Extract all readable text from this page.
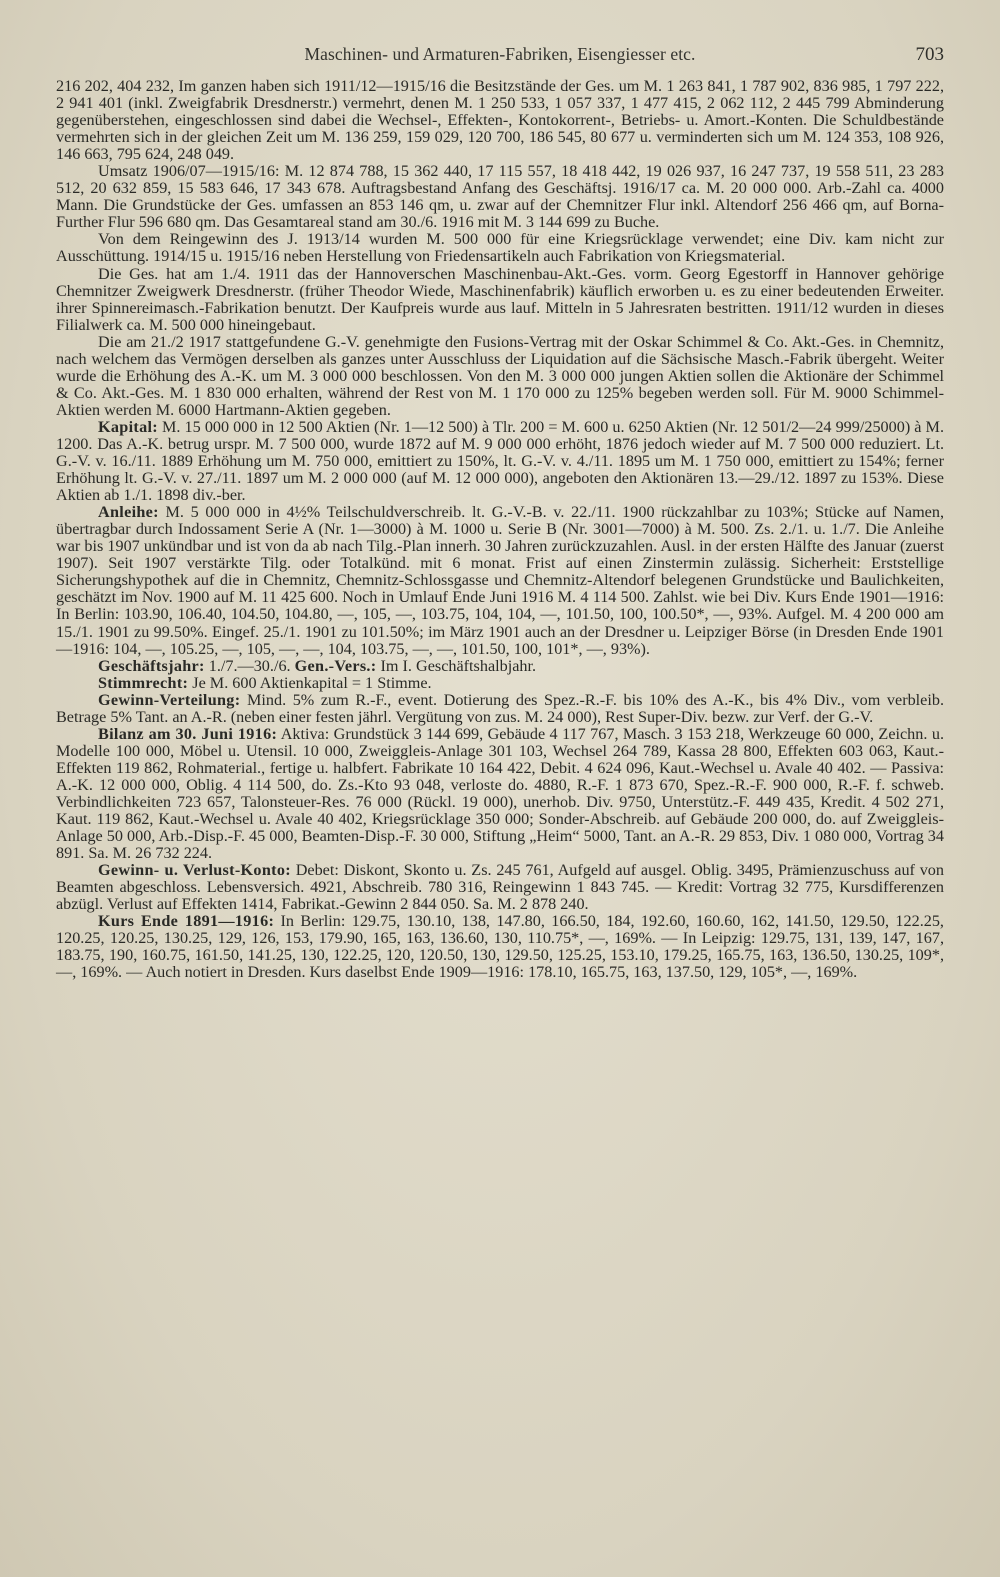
Maschinen- und Armaturen-Fabriken, Eisengiesser etc.	703

216 202, 404 232, Im ganzen haben sich 1911/12—1915/16 die Besitzstände der Ges. um M. 1 263 841, 1 787 902, 836 985, 1 797 222, 2 941 401 (inkl. Zweigfabrik Dresdnerstr.) vermehrt, denen M. 1 250 533, 1 057 337, 1 477 415, 2 062 112, 2 445 799 Abminderung gegenüberstehen, eingeschlossen sind dabei die Wechsel-, Effekten-, Kontokorrent-, Betriebs- u. Amort.-Konten. Die Schuldbestände vermehrten sich in der gleichen Zeit um M. 136 259, 159 029, 120 700, 186 545, 80 677 u. verminderten sich um M. 124 353, 108 926, 146 663, 795 624, 248 049.

Umsatz 1906/07—1915/16: M. 12 874 788, 15 362 440, 17 115 557, 18 418 442, 19 026 937, 16 247 737, 19 558 511, 23 283 512, 20 632 859, 15 583 646, 17 343 678. Auftragsbestand Anfang des Geschäftsj. 1916/17 ca. M. 20 000 000. Arb.-Zahl ca. 4000 Mann. Die Grundstücke der Ges. umfassen an 853 146 qm, u. zwar auf der Chemnitzer Flur inkl. Altendorf 256 466 qm, auf Borna-Further Flur 596 680 qm. Das Gesamtareal stand am 30./6. 1916 mit M. 3 144 699 zu Buche.

Von dem Reingewinn des J. 1913/14 wurden M. 500 000 für eine Kriegsrücklage verwendet; eine Div. kam nicht zur Ausschüttung. 1914/15 u. 1915/16 neben Herstellung von Friedensartikeln auch Fabrikation von Kriegsmaterial.

Die Ges. hat am 1./4. 1911 das der Hannoverschen Maschinenbau-Akt.-Ges. vorm. Georg Egestorff in Hannover gehörige Chemnitzer Zweigwerk Dresdnerstr. (früher Theodor Wiede, Maschinenfabrik) käuflich erworben u. es zu einer bedeutenden Erweiter. ihrer Spinnereimasch.-Fabrikation benutzt. Der Kaufpreis wurde aus lauf. Mitteln in 5 Jahresraten bestritten. 1911/12 wurden in dieses Filialwerk ca. M. 500 000 hineingebaut.

Die am 21./2 1917 stattgefundene G.-V. genehmigte den Fusions-Vertrag mit der Oskar Schimmel & Co. Akt.-Ges. in Chemnitz, nach welchem das Vermögen derselben als ganzes unter Ausschluss der Liquidation auf die Sächsische Masch.-Fabrik übergeht. Weiter wurde die Erhöhung des A.-K. um M. 3 000 000 beschlossen. Von den M. 3 000 000 jungen Aktien sollen die Aktionäre der Schimmel & Co. Akt.-Ges. M. 1 830 000 erhalten, während der Rest von M. 1 170 000 zu 125% begeben werden soll. Für M. 9000 Schimmel-Aktien werden M. 6000 Hartmann-Aktien gegeben.

Kapital: M. 15 000 000 in 12 500 Aktien (Nr. 1—12 500) à Tlr. 200 = M. 600 u. 6250 Aktien (Nr. 12 501/2—24 999/25000) à M. 1200. Das A.-K. betrug urspr. M. 7 500 000, wurde 1872 auf M. 9 000 000 erhöht, 1876 jedoch wieder auf M. 7 500 000 reduziert. Lt. G.-V. v. 16./11. 1889 Erhöhung um M. 750 000, emittiert zu 150%, lt. G.-V. v. 4./11. 1895 um M. 1 750 000, emittiert zu 154%; ferner Erhöhung lt. G.-V. v. 27./11. 1897 um M. 2 000 000 (auf M. 12 000 000), angeboten den Aktionären 13.—29./12. 1897 zu 153%. Diese Aktien ab 1./1. 1898 div.-ber.

Anleihe: M. 5 000 000 in 4½% Teilschuldverschreib. lt. G.-V.-B. v. 22./11. 1900 rückzahlbar zu 103%; Stücke auf Namen, übertragbar durch Indossament Serie A (Nr. 1—3000) à M. 1000 u. Serie B (Nr. 3001—7000) à M. 500. Zs. 2./1. u. 1./7. Die Anleihe war bis 1907 unkündbar und ist von da ab nach Tilg.-Plan innerh. 30 Jahren zurückzuzahlen. Ausl. in der ersten Hälfte des Januar (zuerst 1907). Seit 1907 verstärkte Tilg. oder Totalkünd. mit 6 monat. Frist auf einen Zinstermin zulässig. Sicherheit: Erststellige Sicherungshypothek auf die in Chemnitz, Chemnitz-Schlossgasse und Chemnitz-Altendorf belegenen Grundstücke und Baulichkeiten, geschätzt im Nov. 1900 auf M. 11 425 600. Noch in Umlauf Ende Juni 1916 M. 4 114 500. Zahlst. wie bei Div. Kurs Ende 1901—1916: In Berlin: 103.90, 106.40, 104.50, 104.80, —, 105, —, 103.75, 104, 104, —, 101.50, 100, 100.50*, —, 93%. Aufgel. M. 4 200 000 am 15./1. 1901 zu 99.50%. Eingef. 25./1. 1901 zu 101.50%; im März 1901 auch an der Dresdner u. Leipziger Börse (in Dresden Ende 1901—1916: 104, —, 105.25, —, 105, —, —, 104, 103.75, —, —, 101.50, 100, 101*, —, 93%).

Geschäftsjahr: 1./7.—30./6. Gen.-Vers.: Im I. Geschäftshalbjahr.

Stimmrecht: Je M. 600 Aktienkapital = 1 Stimme.

Gewinn-Verteilung: Mind. 5% zum R.-F., event. Dotierung des Spez.-R.-F. bis 10% des A.-K., bis 4% Div., vom verbleib. Betrage 5% Tant. an A.-R. (neben einer festen jährl. Vergütung von zus. M. 24 000), Rest Super-Div. bezw. zur Verf. der G.-V.

Bilanz am 30. Juni 1916: Aktiva: Grundstück 3 144 699, Gebäude 4 117 767, Masch. 3 153 218, Werkzeuge 60 000, Zeichn. u. Modelle 100 000, Möbel u. Utensil. 10 000, Zweiggleis-Anlage 301 103, Wechsel 264 789, Kassa 28 800, Effekten 603 063, Kaut.-Effekten 119 862, Rohmaterial., fertige u. halbfert. Fabrikate 10 164 422, Debit. 4 624 096, Kaut.-Wechsel u. Avale 40 402. — Passiva: A.-K. 12 000 000, Oblig. 4 114 500, do. Zs.-Kto 93 048, verloste do. 4880, R.-F. 1 873 670, Spez.-R.-F. 900 000, R.-F. f. schweb. Verbindlichkeiten 723 657, Talonsteuer-Res. 76 000 (Rückl. 19 000), unerhob. Div. 9750, Unterstütz.-F. 449 435, Kredit. 4 502 271, Kaut. 119 862, Kaut.-Wechsel u. Avale 40 402, Kriegsrücklage 350 000; Sonder-Abschreib. auf Gebäude 200 000, do. auf Zweiggleis-Anlage 50 000, Arb.-Disp.-F. 45 000, Beamten-Disp.-F. 30 000, Stiftung „Heim“ 5000, Tant. an A.-R. 29 853, Div. 1 080 000, Vortrag 34 891. Sa. M. 26 732 224.

Gewinn- u. Verlust-Konto: Debet: Diskont, Skonto u. Zs. 245 761, Aufgeld auf ausgel. Oblig. 3495, Prämienzuschuss auf von Beamten abgeschloss. Lebensversich. 4921, Abschreib. 780 316, Reingewinn 1 843 745. — Kredit: Vortrag 32 775, Kursdifferenzen abzügl. Verlust auf Effekten 1414, Fabrikat.-Gewinn 2 844 050. Sa. M. 2 878 240.

Kurs Ende 1891—1916: In Berlin: 129.75, 130.10, 138, 147.80, 166.50, 184, 192.60, 160.60, 162, 141.50, 129.50, 122.25, 120.25, 120.25, 130.25, 129, 126, 153, 179.90, 165, 163, 136.60, 130, 110.75*, —, 169%. — In Leipzig: 129.75, 131, 139, 147, 167, 183.75, 190, 160.75, 161.50, 141.25, 130, 122.25, 120, 120.50, 130, 129.50, 125.25, 153.10, 179.25, 165.75, 163, 136.50, 130.25, 109*, —, 169%. — Auch notiert in Dresden. Kurs daselbst Ende 1909—1916: 178.10, 165.75, 163, 137.50, 129, 105*, —, 169%.
